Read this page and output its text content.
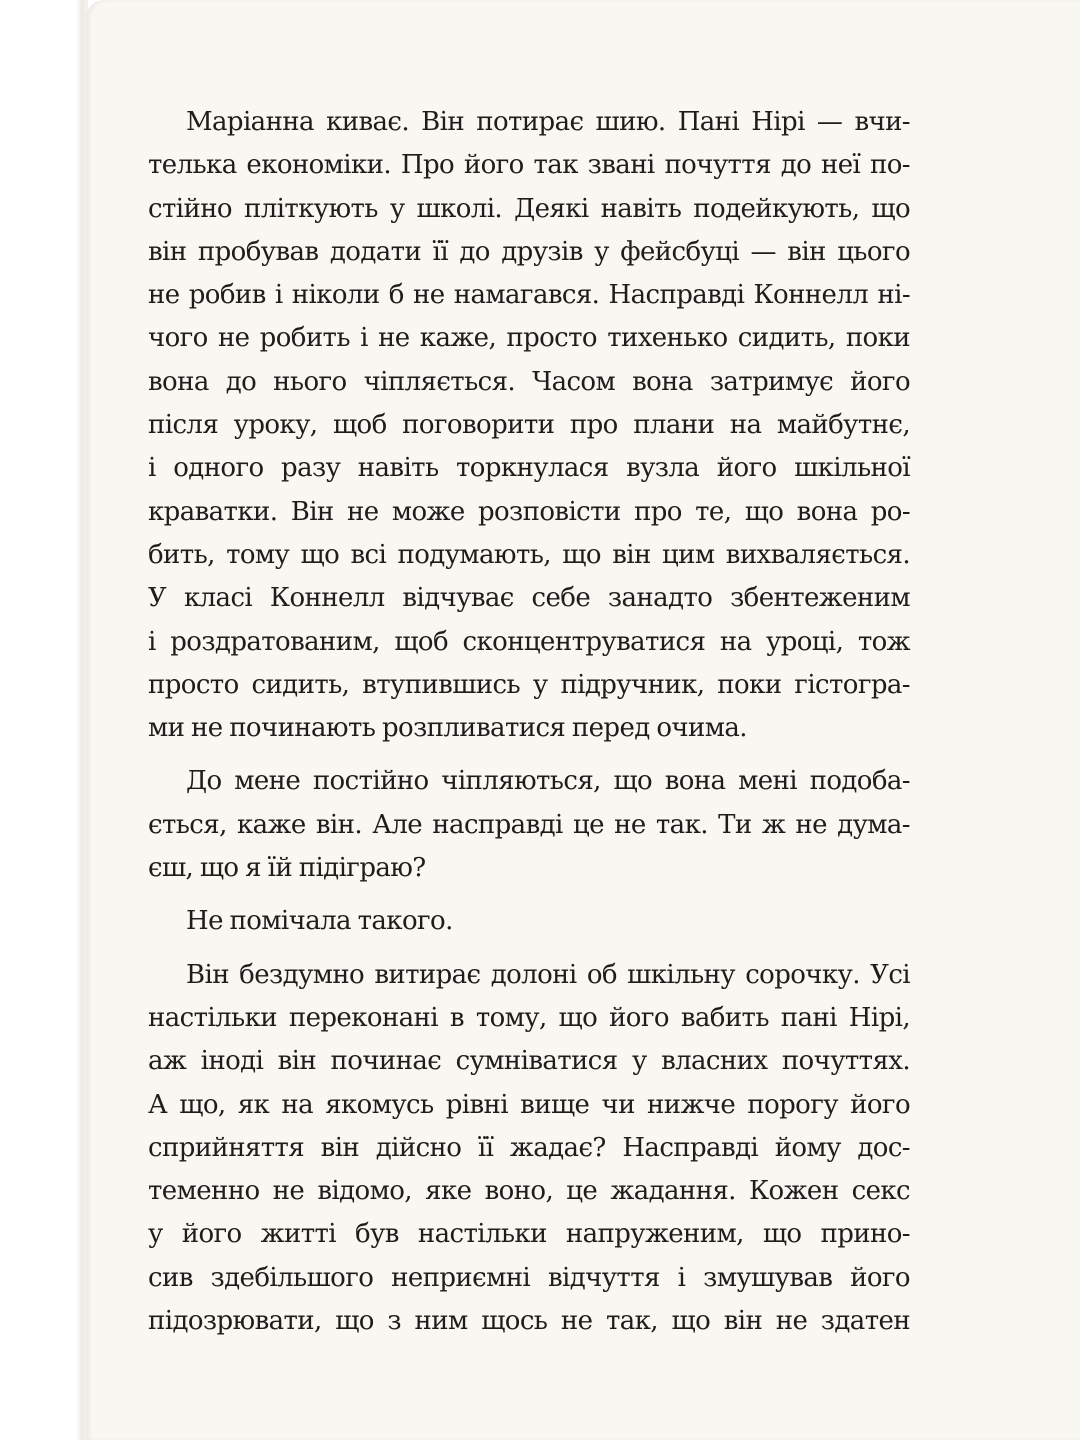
Маріанна киває. Він потирає шию. Пані Нірі — вчи-
телька економіки. Про його так звані почуття до неї по-
стійно пліткують у школі. Деякі навіть подейкують, що
він пробував додати її до друзів у фейсбуці — він цього
не робив і ніколи б не намагався. Насправді Коннелл ні-
чого не робить і не каже, просто тихенько сидить, поки
вона до нього чіпляється. Часом вона затримує його
після уроку, щоб поговорити про плани на майбутнє,
і одного разу навіть торкнулася вузла його шкільної
краватки. Він не може розповісти про те, що вона ро-
бить, тому що всі подумають, що він цим вихваляється.
У класі Коннелл відчуває себе занадто збентеженим
і роздратованим, щоб сконцентруватися на уроці, тож
просто сидить, втупившись у підручник, поки гістогра-
ми не починають розпливатися перед очима.
До мене постійно чіпляються, що вона мені подоба-
ється, каже він. Але насправді це не так. Ти ж не дума-
єш, що я їй підіграю?
Не помічала такого.
Він бездумно витирає долоні об шкільну сорочку. Усі
настільки переконані в тому, що його вабить пані Нірі,
аж іноді він починає сумніватися у власних почуттях.
А що, як на якомусь рівні вище чи нижче порогу його
сприйняття він дійсно її жадає? Насправді йому дос-
теменно не відомо, яке воно, це жадання. Кожен секс
у його житті був настільки напруженим, що прино-
сив здебільшого неприємні відчуття і змушував його
підозрювати, що з ним щось не так, що він не здатен
